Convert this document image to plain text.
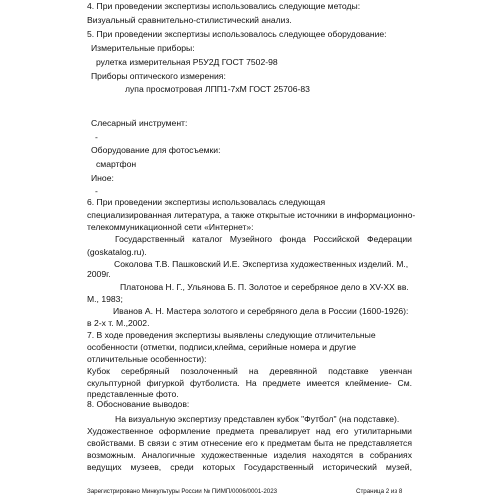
4. При проведении экспертизы использовались следующие методы:
Визуальный сравнительно-стилистический анализ.
5. При проведении экспертизы использовалось следующее оборудование:
Измерительные приборы:
рулетка измерительная Р5У2Д ГОСТ 7502-98
Приборы оптического измерения:
лупа просмотровая ЛПП1-7хМ ГОСТ 25706-83
Слесарный инструмент:
-
Оборудование для фотосъемки:
смартфон
Иное:
-
6. При проведении экспертизы использовалась следующая
специализированная литература, а также открытые источники в информационно-
телекоммуникационной сети «Интернет»:
Государственный каталог Музейного фонда Российской Федерации
(goskatalog.ru).
Соколова Т.В. Пашковский И.Е. Экспертиза художественных изделий. М.,
2009г.
Платонова Н. Г., Ульянова Б. П. Золотое и серебряное дело в XV-XX вв.
М., 1983;
Иванов А. Н. Мастера золотого и серебряного дела в России (1600-1926):
в 2-х т. М.,2002.
7. В ходе проведения экспертизы выявлены следующие отличительные
особенности (отметки, подписи,клейма, серийные номера и другие
отличительные особенности):
Кубок серебряный позолоченный на деревянной подставке увенчан
скульптурной фигуркой футболиста. На предмете имеется клеймение- См.
представленные фото.
8. Обоснование выводов:
На визуальную экспертизу представлен кубок "Футбол" (на подставке).
Художественное оформление предмета превалирует над его утилитарными
свойствами. В связи с этим отнесение его к предметам быта не представляется
возможным. Аналогичные художественные изделия находятся в собраниях
ведущих музеев, среди которых Государственный исторический музей,
Зарегистрировано Минкультуры России № ПИМП/0006/0001-2023	Страница 2 из 8
